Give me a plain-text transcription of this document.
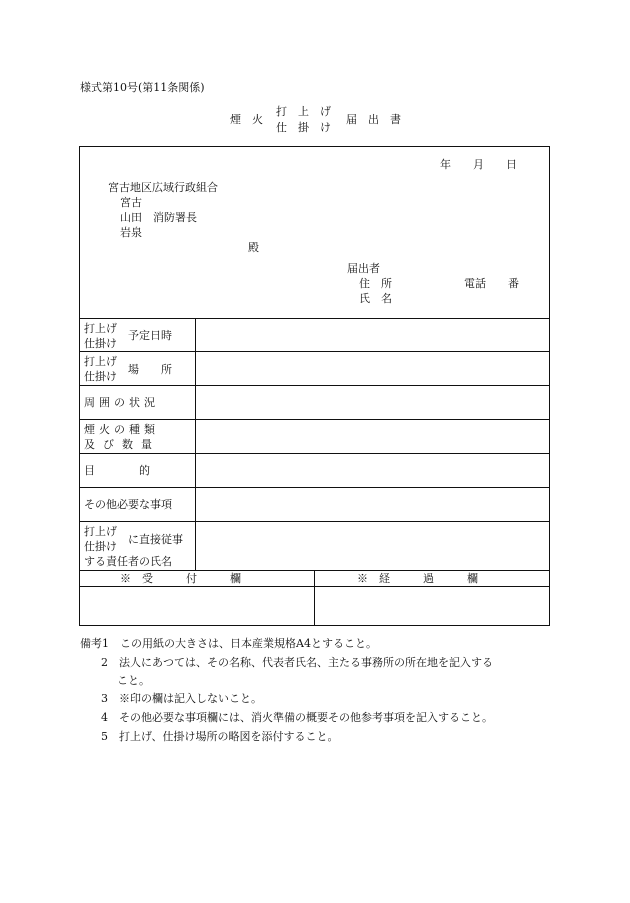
様式第10号(第11条関係)
煙　火
打　上　げ
仕　掛　け
届　出　書
年　　月　　日
宮古地区広域行政組合
宮古
山田　消防署長
岩泉
殿
届出者
住　所	電話　　番
氏　名
打上げ
仕掛け
予定日時
打上げ
仕掛け
場　　所
周囲の状況
煙火の種類
及び数量
目　　　　的
その他必要な事項
打上げ
仕掛け
に直接従事
する責任者の氏名
※　受　　　付　　　欄	※　経　　　過　　　欄
備考1　この用紙の大きさは、日本産業規格A4とすること。
2　法人にあつては、その名称、代表者氏名、主たる事務所の所在地を記入する
こと。
3　※印の欄は記入しないこと。
4　その他必要な事項欄には、消火準備の概要その他参考事項を記入すること。
5　打上げ、仕掛け場所の略図を添付すること。
